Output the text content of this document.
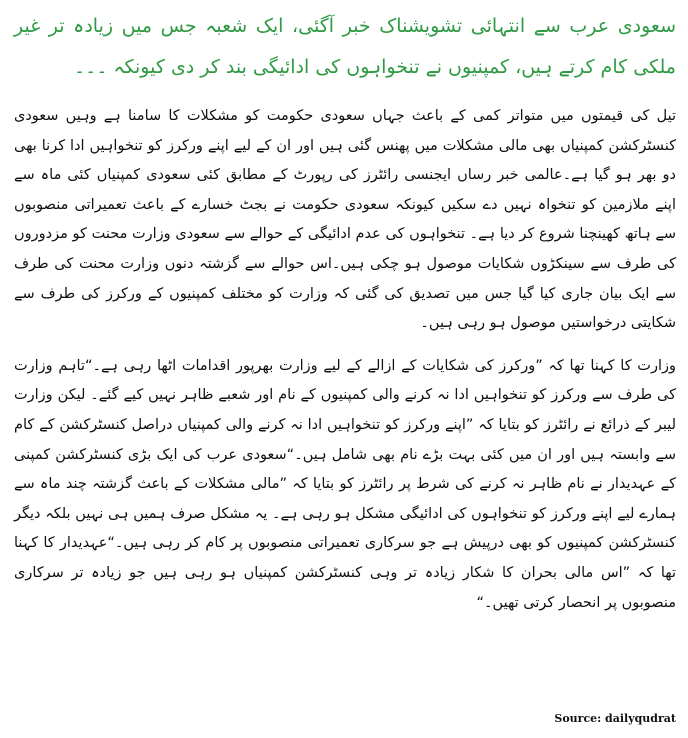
سعودی عرب سے انتہائی تشویشناک خبر آگئی، ایک شعبہ جس میں زیادہ تر غیر ملکی کام کرتے ہیں، کمپنیوں نے تنخواہوں کی ادائیگی بند کر دی کیونکہ ۔۔۔

تیل کی قیمتوں میں متواتر کمی کے باعث جہاں سعودی حکومت کو مشکلات کا سامنا ہے وہیں سعودی کنسٹرکشن کمپنیاں بھی مالی مشکلات میں پھنس گئی ہیں اور ان کے لیے اپنے ورکرز کو تنخواہیں ادا کرنا بھی دو بھر ہو گیا ہے۔عالمی خبر رساں ایجنسی رائٹرز کی رپورٹ کے مطابق کئی سعودی کمپنیاں کئی ماہ سے اپنے ملازمین کو تنخواہ نہیں دے سکیں کیونکہ سعودی حکومت نے بجٹ خسارے کے باعث تعمیراتی منصوبوں سے ہاتھ کھینچنا شروع کر دیا ہے۔ تنخواہوں کی عدم ادائیگی کے حوالے سے سعودی وزارت محنت کو مزدوروں کی طرف سے سینکڑوں شکایات موصول ہو چکی ہیں۔اس حوالے سے گزشتہ دنوں وزارت محنت کی طرف سے ایک بیان جاری کیا گیا جس میں تصدیق کی گئی کہ وزارت کو مختلف کمپنیوں کے ورکرز کی طرف سے شکایتی درخواستیں موصول ہو رہی ہیں۔

وزارت کا کہنا تھا کہ ”ورکرز کی شکایات کے ازالے کے لیے وزارت بھرپور اقدامات اٹھا رہی ہے۔“تاہم وزارت کی طرف سے ورکرز کو تنخواہیں ادا نہ کرنے والی کمپنیوں کے نام اور شعبے ظاہر نہیں کیے گئے۔ لیکن وزارت لیبر کے ذرائع نے رائٹرز کو بتایا کہ ”اپنے ورکرز کو تنخواہیں ادا نہ کرنے والی کمپنیاں دراصل کنسٹرکشن کے کام سے وابستہ ہیں اور ان میں کئی بہت بڑے نام بھی شامل ہیں۔“سعودی عرب کی ایک بڑی کنسٹرکشن کمپنی کے عہدیدار نے نام ظاہر نہ کرنے کی شرط پر رائٹرز کو بتایا کہ ”مالی مشکلات کے باعث گزشتہ چند ماہ سے ہمارے لیے اپنے ورکرز کو تنخواہوں کی ادائیگی مشکل ہو رہی ہے۔ یہ مشکل صرف ہمیں ہی نہیں بلکہ دیگر کنسٹرکشن کمپنیوں کو بھی درپیش ہے جو سرکاری تعمیراتی منصوبوں پر کام کر رہی ہیں۔“عہدیدار کا کہنا تھا کہ ”اس مالی بحران کا شکار زیادہ تر وہی کنسٹرکشن کمپنیاں ہو رہی ہیں جو زیادہ تر سرکاری منصوبوں پر انحصار کرتی تھیں۔“

Source: dailyqudrat
